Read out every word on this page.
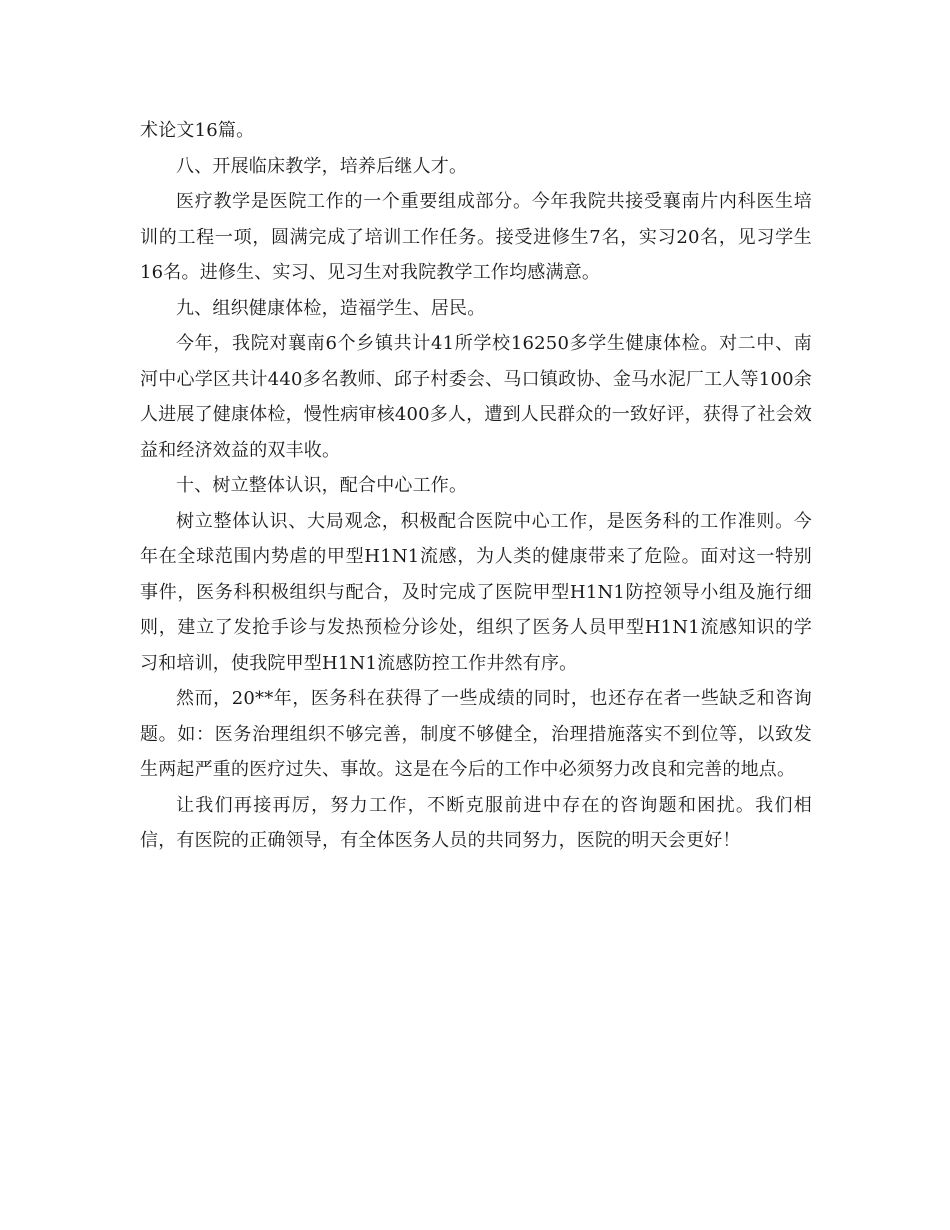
术论文16篇。

八、开展临床教学，培养后继人才。

医疗教学是医院工作的一个重要组成部分。今年我院共接受襄南片内科医生培训的工程一项，圆满完成了培训工作任务。接受进修生7名，实习20名，见习学生16名。进修生、实习、见习生对我院教学工作均感满意。

九、组织健康体检，造福学生、居民。

今年，我院对襄南6个乡镇共计41所学校16250多学生健康体检。对二中、南河中心学区共计440多名教师、邱子村委会、马口镇政协、金马水泥厂工人等100余人进展了健康体检，慢性病审核400多人，遭到人民群众的一致好评，获得了社会效益和经济效益的双丰收。

十、树立整体认识，配合中心工作。

树立整体认识、大局观念，积极配合医院中心工作，是医务科的工作准则。今年在全球范围内势虐的甲型H1N1流感，为人类的健康带来了危险。面对这一特别事件，医务科积极组织与配合，及时完成了医院甲型H1N1防控领导小组及施行细则，建立了发抢手诊与发热预检分诊处，组织了医务人员甲型H1N1流感知识的学习和培训，使我院甲型H1N1流感防控工作井然有序。

然而，20**年，医务科在获得了一些成绩的同时，也还存在者一些缺乏和咨询题。如：医务治理组织不够完善，制度不够健全，治理措施落实不到位等，以致发生两起严重的医疗过失、事故。这是在今后的工作中必须努力改良和完善的地点。

让我们再接再厉，努力工作，不断克服前进中存在的咨询题和困扰。我们相信，有医院的正确领导，有全体医务人员的共同努力，医院的明天会更好！
